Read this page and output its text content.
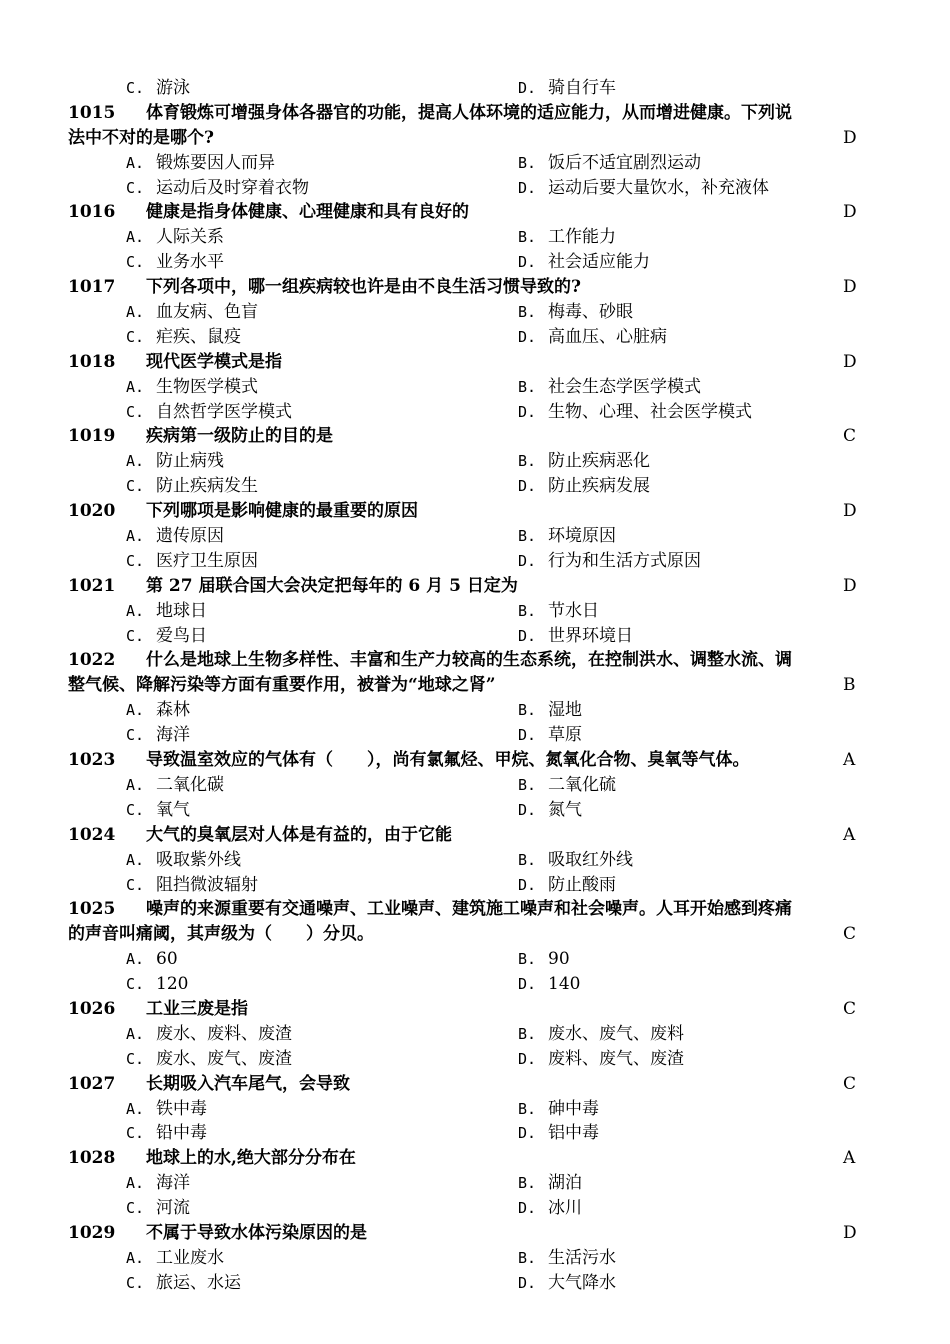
C. 游泳	D. 骑自行车
1015 体育锻炼可增强身体各器官的功能，提高人体环境的适应能力，从而增进健康。下列说
法中不对的是哪个?	D
A. 锻炼要因人而异	B. 饭后不适宜剧烈运动
C. 运动后及时穿着衣物	D. 运动后要大量饮水，补充液体
1016 健康是指身体健康、心理健康和具有良好的	D
A. 人际关系	B. 工作能力
C. 业务水平	D. 社会适应能力
1017 下列各项中，哪一组疾病较也许是由不良生活习惯导致的?	D
A. 血友病、色盲	B. 梅毒、砂眼
C. 疟疾、鼠疫	D. 高血压、心脏病
1018 现代医学模式是指	D
A. 生物医学模式	B. 社会生态学医学模式
C. 自然哲学医学模式	D. 生物、心理、社会医学模式
1019 疾病第一级防止的目的是	C
A. 防止病残	B. 防止疾病恶化
C. 防止疾病发生	D. 防止疾病发展
1020 下列哪项是影响健康的最重要的原因	D
A. 遗传原因	B. 环境原因
C. 医疗卫生原因	D. 行为和生活方式原因
1021 第 27 届联合国大会决定把每年的 6 月 5 日定为	D
A. 地球日	B. 节水日
C. 爱鸟日	D. 世界环境日
1022 什么是地球上生物多样性、丰富和生产力较高的生态系统，在控制洪水、调整水流、调
整气候、降解污染等方面有重要作用，被誉为“地球之肾”	B
A. 森林	B. 湿地
C. 海洋	D. 草原
1023 导致温室效应的气体有（　　），尚有氯氟烃、甲烷、氮氧化合物、臭氧等气体。	A
A. 二氧化碳	B. 二氧化硫
C. 氧气	D. 氮气
1024 大气的臭氧层对人体是有益的，由于它能	A
A. 吸取紫外线	B. 吸取红外线
C. 阻挡微波辐射	D. 防止酸雨
1025 噪声的来源重要有交通噪声、工业噪声、建筑施工噪声和社会噪声。人耳开始感到疼痛
的声音叫痛阈，其声级为（　　）分贝。	C
A. 60	B. 90
C. 120	D. 140
1026 工业三废是指	C
A. 废水、废料、废渣	B. 废水、废气、废料
C. 废水、废气、废渣	D. 废料、废气、废渣
1027 长期吸入汽车尾气，会导致	C
A. 铁中毒	B. 砷中毒
C. 铅中毒	D. 铝中毒
1028 地球上的水,绝大部分分布在	A
A. 海洋	B. 湖泊
C. 河流	D. 冰川
1029 不属于导致水体污染原因的是	D
A. 工业废水	B. 生活污水
C. 旅运、水运	D. 大气降水
